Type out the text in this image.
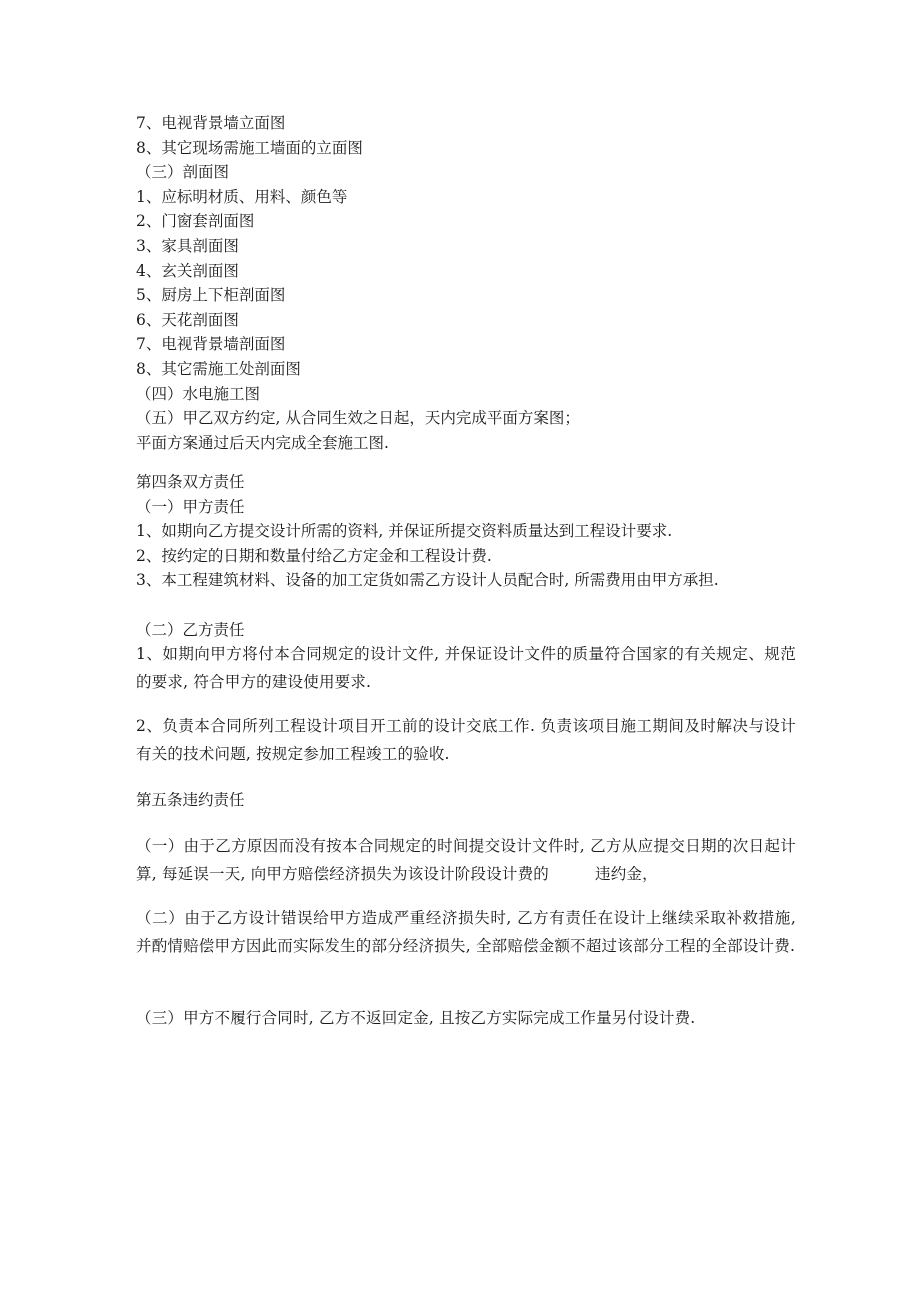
7、电视背景墙立面图
8、其它现场需施工墙面的立面图
（三）剖面图
1、应标明材质、用料、颜色等
2、门窗套剖面图
3、家具剖面图
4、玄关剖面图
5、厨房上下柜剖面图
6、天花剖面图
7、电视背景墙剖面图
8、其它需施工处剖面图
（四）水电施工图
（五）甲乙双方约定, 从合同生效之日起，天内完成平面方案图；
平面方案通过后天内完成全套施工图.
第四条双方责任
（一）甲方责任
1、如期向乙方提交设计所需的资料, 并保证所提交资料质量达到工程设计要求.
2、按约定的日期和数量付给乙方定金和工程设计费.
3、本工程建筑材料、设备的加工定货如需乙方设计人员配合时, 所需费用由甲方承担.
（二）乙方责任
1、如期向甲方将付本合同规定的设计文件, 并保证设计文件的质量符合国家的有关规定、规范的要求, 符合甲方的建设使用要求.
2、负责本合同所列工程设计项目开工前的设计交底工作. 负责该项目施工期间及时解决与设计有关的技术问题, 按规定参加工程竣工的验收.
第五条违约责任
（一）由于乙方原因而没有按本合同规定的时间提交设计文件时, 乙方从应提交日期的次日起计算, 每延误一天, 向甲方赔偿经济损失为该设计阶段设计费的	违约金，
（二）由于乙方设计错误给甲方造成严重经济损失时, 乙方有责任在设计上继续采取补救措施, 并酌情赔偿甲方因此而实际发生的部分经济损失, 全部赔偿金额不超过该部分工程的全部设计费.
（三）甲方不履行合同时, 乙方不返回定金, 且按乙方实际完成工作量另付设计费.
